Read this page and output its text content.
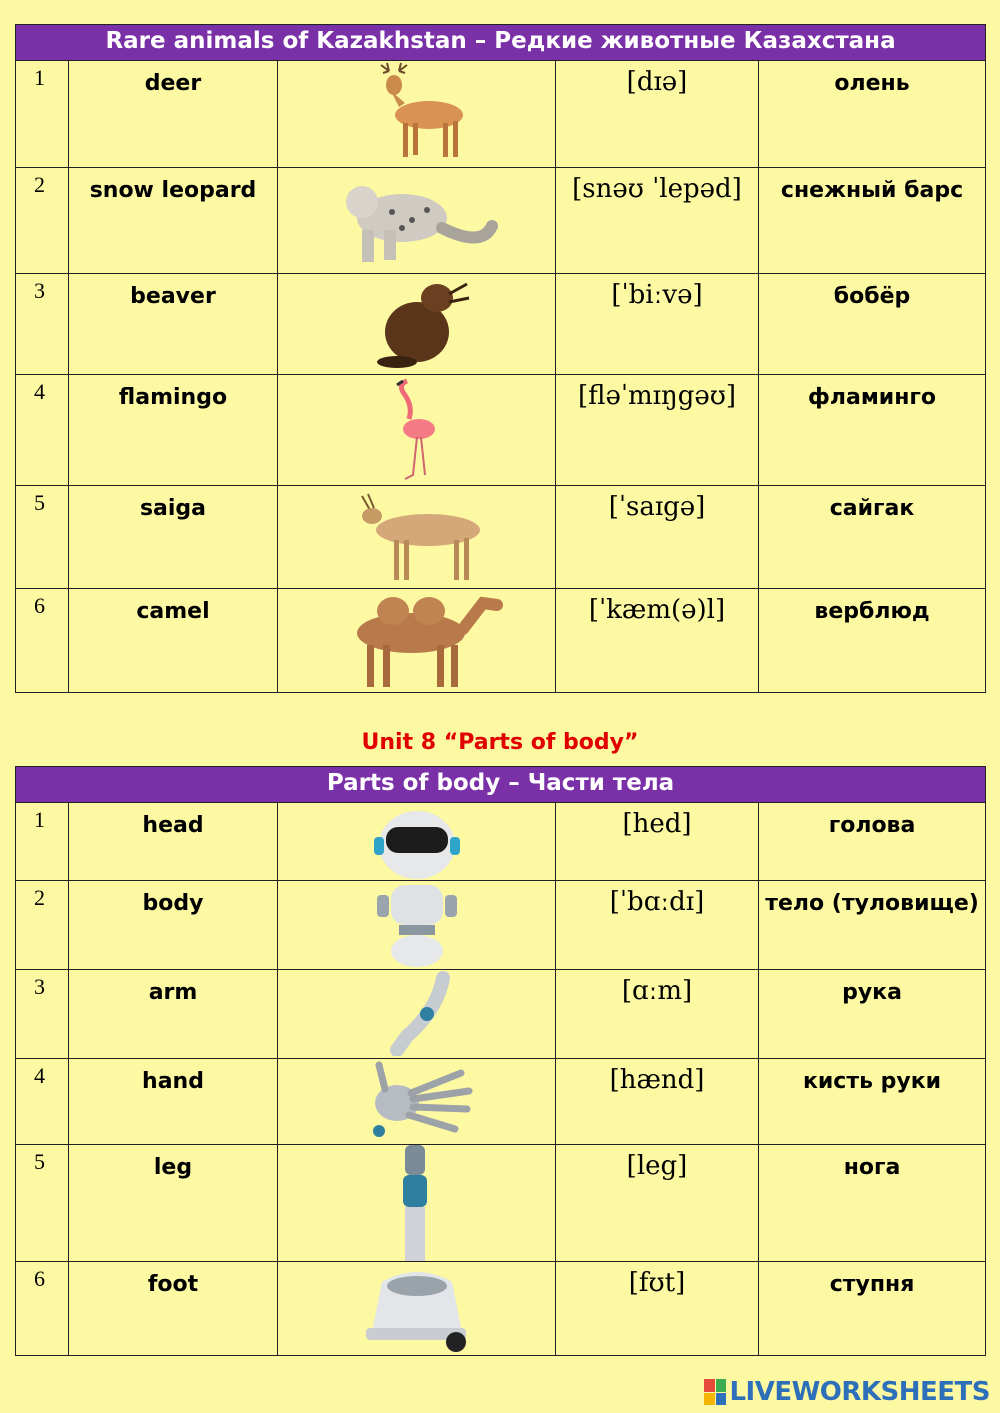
Rare animals of Kazakhstan – Редкие животные Казахстана				
1	deer		[dɪə]	олень
2	snow leopard		[snəʊ ˈlepəd]	снежный барс
3	beaver		[ˈbiːvə]	бобёр
4	flamingo		[fləˈmɪŋgəʊ]	фламинго
5	saiga		[ˈsaɪgə]	сайгак
6	camel		[ˈkæm(ə)l]	верблюд
Unit 8 “Parts of body”
Parts of body – Части тела				
1	head		[hed]	голова
2	body		[ˈbɑːdɪ]	тело (туловище)
3	arm		[ɑːm]	рука
4	hand		[hænd]	кисть руки
5	leg		[leg]	нога
6	foot		[fʊt]	ступня
LIVEWORKSHEETS
